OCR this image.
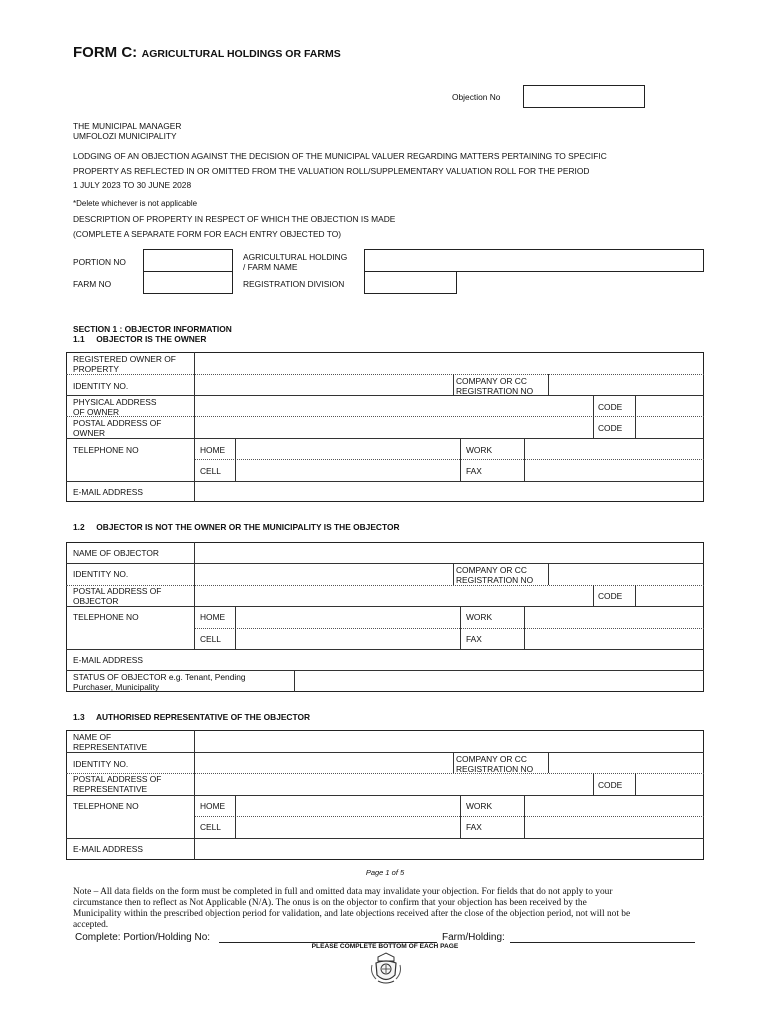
FORM C: AGRICULTURAL HOLDINGS OR FARMS
Objection No
THE MUNICIPAL MANAGER
UMFOLOZI MUNICIPALITY
LODGING OF AN OBJECTION AGAINST THE DECISION OF THE MUNICIPAL VALUER REGARDING MATTERS PERTAINING TO SPECIFIC
PROPERTY AS REFLECTED IN OR OMITTED FROM THE VALUATION ROLL/SUPPLEMENTARY VALUATION ROLL FOR THE PERIOD
1 JULY 2023 TO 30 JUNE 2028
*Delete whichever is not applicable
DESCRIPTION OF PROPERTY IN RESPECT OF WHICH THE OBJECTION IS MADE
(COMPLETE A SEPARATE FORM FOR EACH ENTRY OBJECTED TO)
PORTION NO	AGRICULTURAL HOLDING
/ FARM NAME
FARM NO	REGISTRATION DIVISION
SECTION 1 : OBJECTOR INFORMATION
1.1     OBJECTOR IS THE OWNER
REGISTERED OWNER OF
PROPERTY
IDENTITY NO.	COMPANY OR CC
REGISTRATION NO
PHYSICAL ADDRESS
OF OWNER	CODE
POSTAL ADDRESS OF
OWNER	CODE
TELEPHONE NO	HOME	WORK
CELL	FAX
E-MAIL ADDRESS
1.2     OBJECTOR IS NOT THE OWNER OR THE MUNICIPALITY IS THE OBJECTOR
NAME OF OBJECTOR
IDENTITY NO.	COMPANY OR CC
REGISTRATION NO
POSTAL ADDRESS OF
OBJECTOR	CODE
TELEPHONE NO	HOME	WORK
CELL	FAX
E-MAIL ADDRESS
STATUS OF OBJECTOR e.g. Tenant, Pending
Purchaser, Municipality
1.3     AUTHORISED REPRESENTATIVE OF THE OBJECTOR
NAME OF
REPRESENTATIVE
IDENTITY NO.	COMPANY OR CC
REGISTRATION NO
POSTAL ADDRESS OF
REPRESENTATIVE	CODE
TELEPHONE NO	HOME	WORK
CELL	FAX
E-MAIL ADDRESS
Page 1 of 5
Note – All data fields on the form must be completed in full and omitted data may invalidate your objection. For fields that do not apply to your
circumstance then to reflect as Not Applicable (N/A). The onus is on the objector to confirm that your objection has been received by the
Municipality within the prescribed objection period for validation, and late objections received after the close of the objection period, not will not be
accepted.
Complete: Portion/Holding No:	Farm/Holding:
PLEASE COMPLETE BOTTOM OF EACH PAGE
